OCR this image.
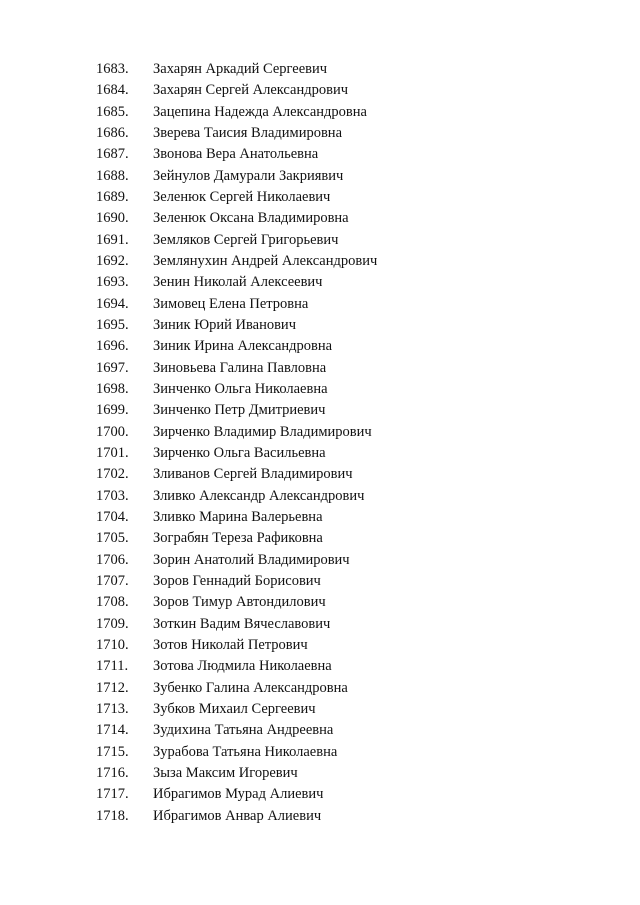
1683.	Захарян Аркадий Сергеевич
1684.	Захарян Сергей Александрович
1685.	Зацепина Надежда Александровна
1686.	Зверева Таисия Владимировна
1687.	Звонова Вера Анатольевна
1688.	Зейнулов Дамурали Закриявич
1689.	Зеленюк Сергей Николаевич
1690.	Зеленюк Оксана Владимировна
1691.	Земляков Сергей Григорьевич
1692.	Землянухин Андрей Александрович
1693.	Зенин Николай Алексеевич
1694.	Зимовец Елена Петровна
1695.	Зиник Юрий Иванович
1696.	Зиник Ирина Александровна
1697.	Зиновьева Галина Павловна
1698.	Зинченко Ольга Николаевна
1699.	Зинченко Петр Дмитриевич
1700.	Зирченко Владимир Владимирович
1701.	Зирченко Ольга Васильевна
1702.	Зливанов Сергей Владимирович
1703.	Зливко Александр Александрович
1704.	Зливко Марина Валерьевна
1705.	Зограбян Тереза Рафиковна
1706.	Зорин Анатолий Владимирович
1707.	Зоров Геннадий Борисович
1708.	Зоров Тимур Автондилович
1709.	Зоткин Вадим Вячеславович
1710.	Зотов Николай Петрович
1711.	Зотова Людмила Николаевна
1712.	Зубенко Галина Александровна
1713.	Зубков Михаил Сергеевич
1714.	Зудихина Татьяна Андреевна
1715.	Зурабова Татьяна Николаевна
1716.	Зыза Максим Игоревич
1717.	Ибрагимов Мурад Алиевич
1718.	Ибрагимов Анвар Алиевич
